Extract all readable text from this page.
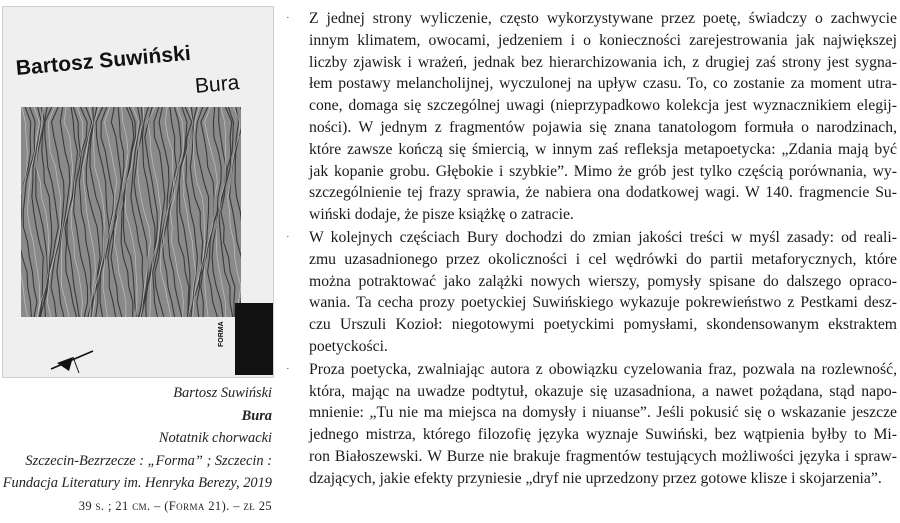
Bartosz Suwiński
Bura
FORMA
Bartosz Suwiński
Bura
Notatnik chorwacki
Szczecin-Bezrzecze : „Forma” ; Szczecin :
Fundacja Literatury im. Henryka Berezy, 2019
39 s. ; 21 cm. – (Forma 21). – zł 25

· Z jednej strony wyliczenie, często wykorzystywane przez poetę, świadczy o zachwycie
innym klimatem, owocami, jedzeniem i o konieczności zarejestrowania jak największej
liczby zjawisk i wrażeń, jednak bez hierarchizowania ich, z drugiej zaś strony jest sygna-
łem postawy melancholijnej, wyczulonej na upływ czasu. To, co zostanie za moment utra-
cone, domaga się szczególnej uwagi (nieprzypadkowo kolekcja jest wyznacznikiem elegij-
ności). W jednym z fragmentów pojawia się znana tanatologom formuła o narodzinach,
które zawsze kończą się śmiercią, w innym zaś refleksja metapoetycka: „Zdania mają być
jak kopanie grobu. Głębokie i szybkie”. Mimo że grób jest tylko częścią porównania, wy-
szczególnienie tej frazy sprawia, że nabiera ona dodatkowej wagi. W 140. fragmencie Su-
wiński dodaje, że pisze książkę o zatracie.

· W kolejnych częściach Bury dochodzi do zmian jakości treści w myśl zasady: od reali-
zmu uzasadnionego przez okoliczności i cel wędrówki do partii metaforycznych, które
można potraktować jako zalążki nowych wierszy, pomysły spisane do dalszego opraco-
wania. Ta cecha prozy poetyckiej Suwińskiego wykazuje pokrewieństwo z Pestkami desz-
czu Urszuli Kozioł: niegotowymi poetyckimi pomysłami, skondensowanym ekstraktem
poetyckości.

· Proza poetycka, zwalniając autora z obowiązku cyzelowania fraz, pozwala na rozlewność,
która, mając na uwadze podtytuł, okazuje się uzasadniona, a nawet pożądana, stąd napo-
mnienie: „Tu nie ma miejsca na domysły i niuanse”. Jeśli pokusić się o wskazanie jeszcze
jednego mistrza, którego filozofię języka wyznaje Suwiński, bez wątpienia byłby to Mi-
ron Białoszewski. W Burze nie brakuje fragmentów testujących możliwości języka i spraw-
dzających, jakie efekty przyniesie „dryf nie uprzedzony przez gotowe klisze i skojarzenia”.
